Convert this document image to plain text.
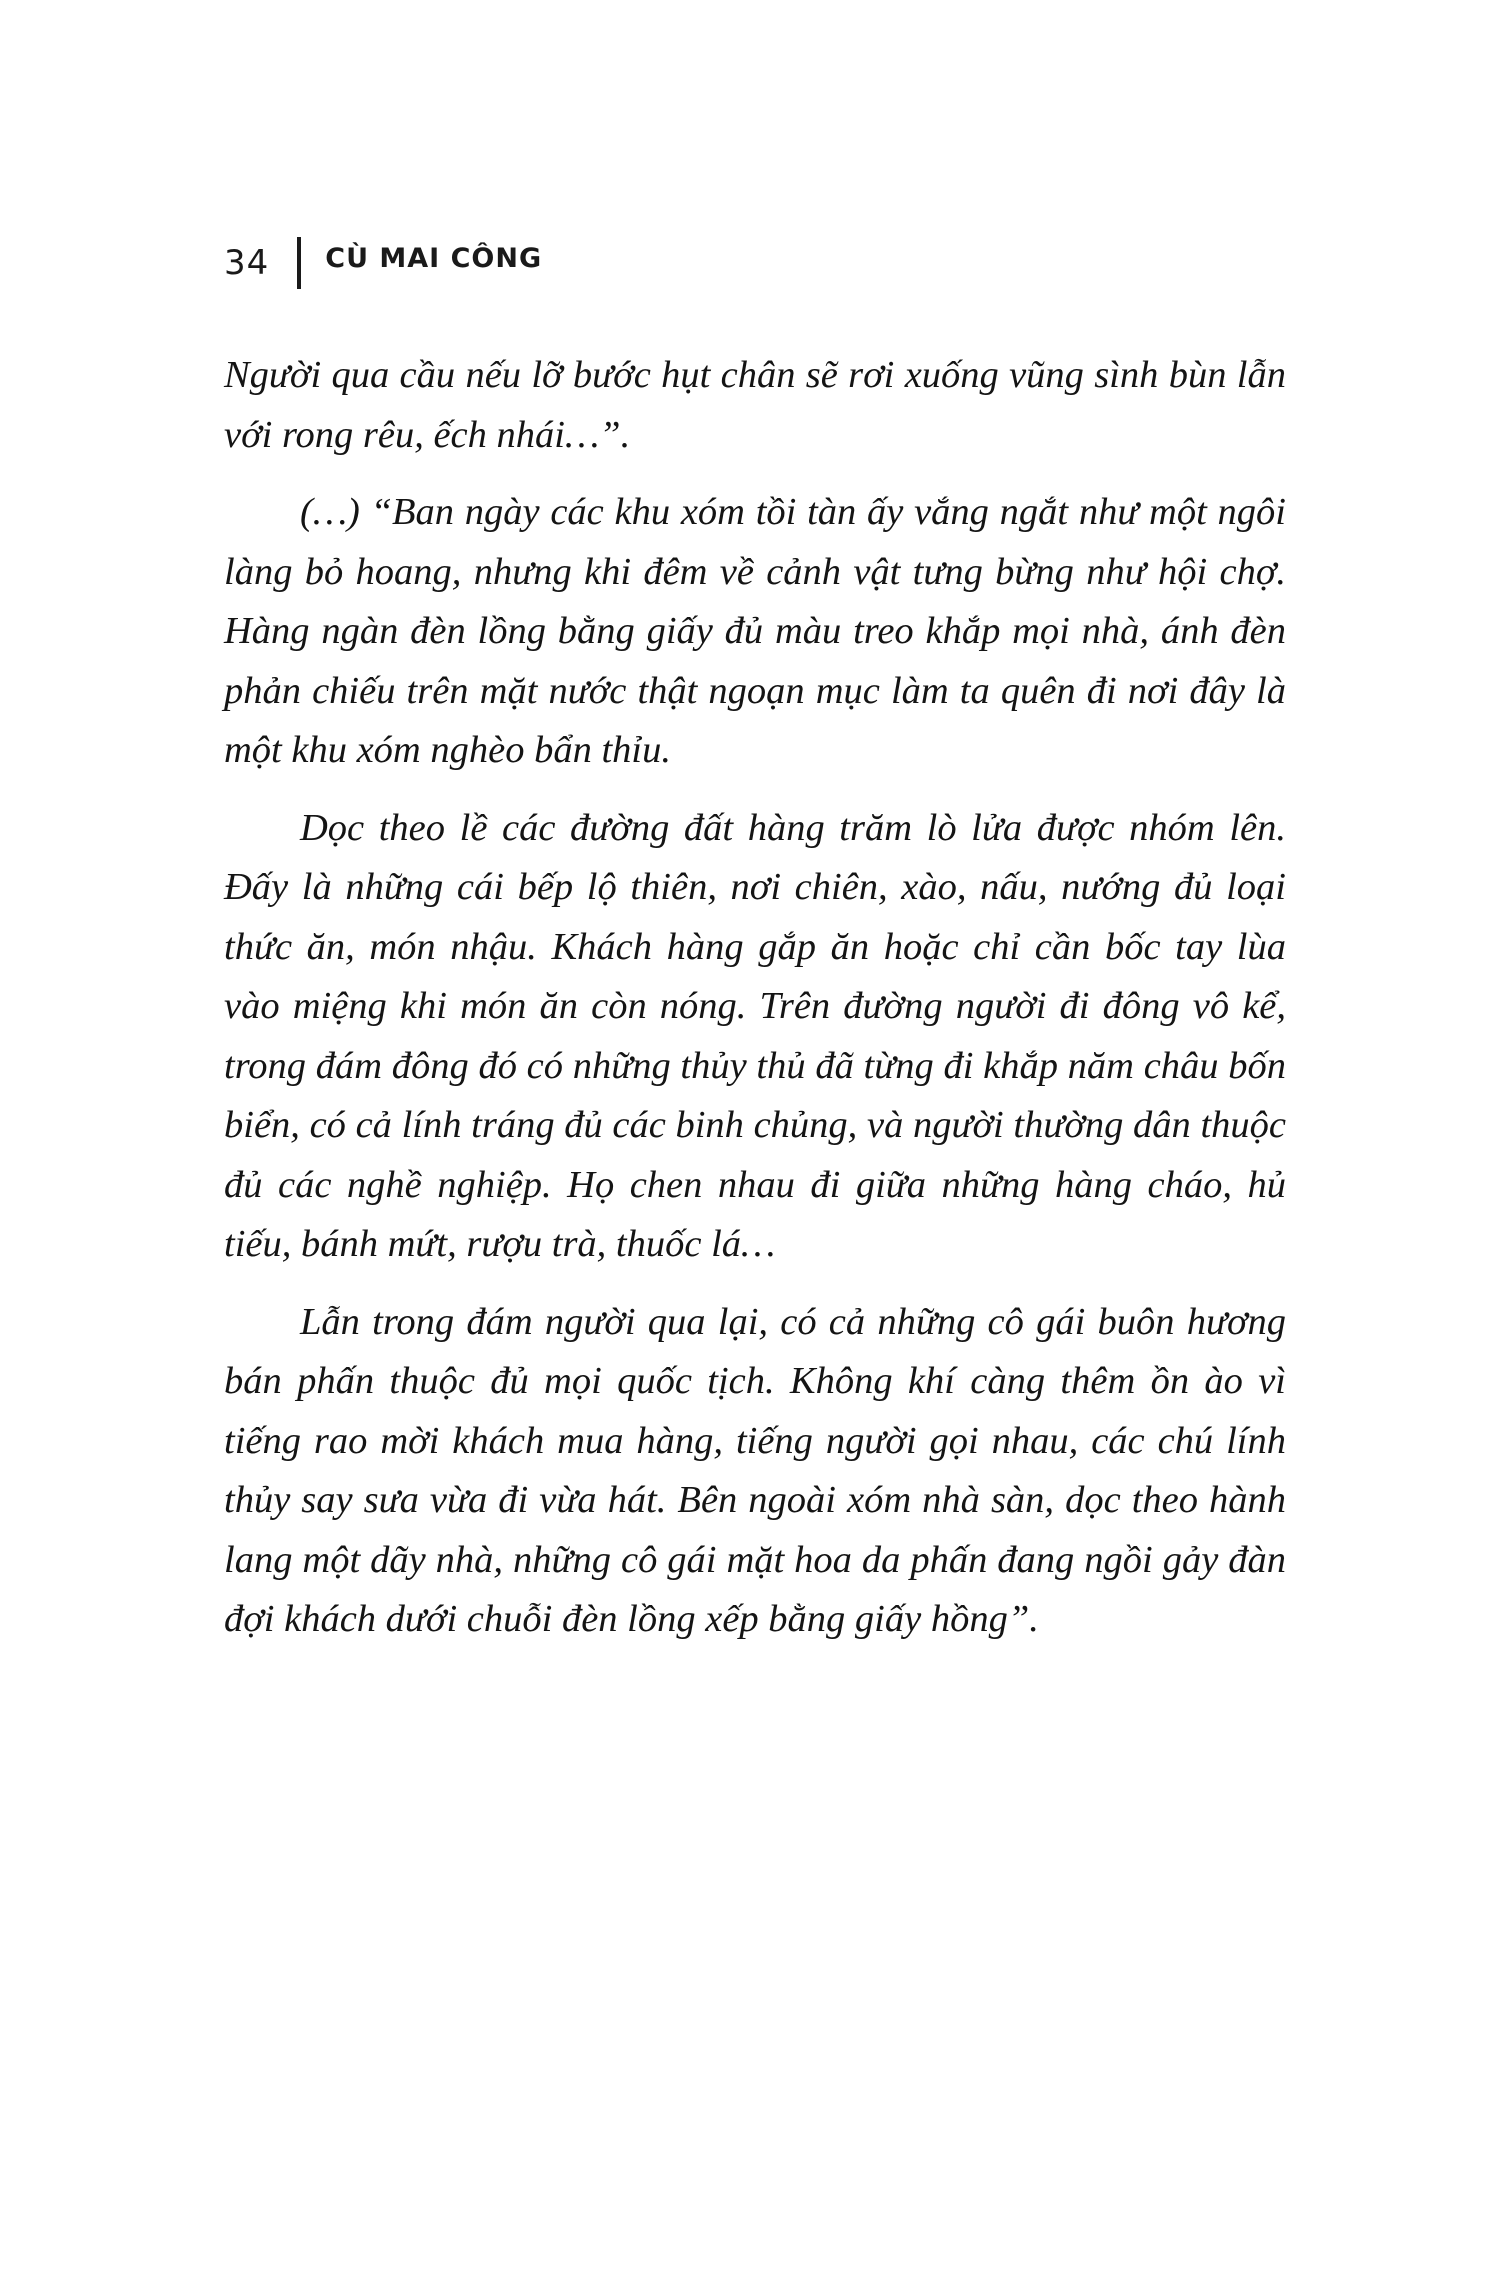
34 CÙ MAI CÔNG

Người qua cầu nếu lỡ bước hụt chân sẽ rơi xuống vũng sình bùn lẫn với rong rêu, ếch nhái…”.

(…) “Ban ngày các khu xóm tồi tàn ấy vắng ngắt như một ngôi làng bỏ hoang, nhưng khi đêm về cảnh vật tưng bừng như hội chợ. Hàng ngàn đèn lồng bằng giấy đủ màu treo khắp mọi nhà, ánh đèn phản chiếu trên mặt nước thật ngoạn mục làm ta quên đi nơi đây là một khu xóm nghèo bẩn thỉu.

Dọc theo lề các đường đất hàng trăm lò lửa được nhóm lên. Đấy là những cái bếp lộ thiên, nơi chiên, xào, nấu, nướng đủ loại thức ăn, món nhậu. Khách hàng gắp ăn hoặc chỉ cần bốc tay lùa vào miệng khi món ăn còn nóng. Trên đường người đi đông vô kể, trong đám đông đó có những thủy thủ đã từng đi khắp năm châu bốn biển, có cả lính tráng đủ các binh chủng, và người thường dân thuộc đủ các nghề nghiệp. Họ chen nhau đi giữa những hàng cháo, hủ tiếu, bánh mứt, rượu trà, thuốc lá…

Lẫn trong đám người qua lại, có cả những cô gái buôn hương bán phấn thuộc đủ mọi quốc tịch. Không khí càng thêm ồn ào vì tiếng rao mời khách mua hàng, tiếng người gọi nhau, các chú lính thủy say sưa vừa đi vừa hát. Bên ngoài xóm nhà sàn, dọc theo hành lang một dãy nhà, những cô gái mặt hoa da phấn đang ngồi gảy đàn đợi khách dưới chuỗi đèn lồng xếp bằng giấy hồng”.
